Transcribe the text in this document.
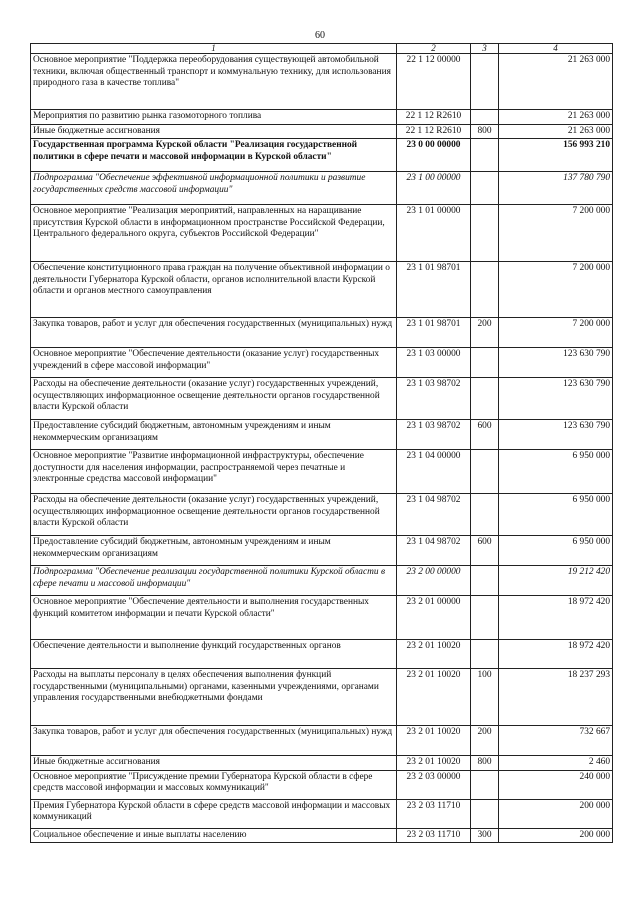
60
1	2	3	4
Основное мероприятие "Поддержка переоборудования существующей автомобильной техники, включая общественный транспорт и коммунальную технику, для использования природного газа в качестве топлива"	22 1 12 00000		21 263 000
Мероприятия по развитию рынка газомоторного топлива	22 1 12 R2610		21 263 000
Иные бюджетные ассигнования	22 1 12 R2610	800	21 263 000
Государственная программа Курской области "Реализация государственной политики в сфере печати и массовой информации в Курской области"	23 0 00 00000		156 993 210
Подпрограмма "Обеспечение эффективной информационной политики и развитие государственных средств массовой информации"	23 1 00 00000		137 780 790
Основное мероприятие "Реализация мероприятий, направленных на наращивание присутствия Курской области в информационном пространстве Российской Федерации, Центрального федерального округа, субъектов Российской Федерации"	23 1 01 00000		7 200 000
Обеспечение конституционного права граждан на получение объективной информации о деятельности Губернатора Курской области, органов исполнительной власти Курской области и органов местного самоуправления	23 1 01 98701		7 200 000
Закупка товаров, работ и услуг для обеспечения государственных (муниципальных) нужд	23 1 01 98701	200	7 200 000
Основное мероприятие "Обеспечение деятельности (оказание услуг) государственных учреждений в сфере массовой информации"	23 1 03 00000		123 630 790
Расходы на обеспечение деятельности (оказание услуг) государственных учреждений, осуществляющих информационное освещение деятельности органов государственной власти Курской области	23 1 03 98702		123 630 790
Предоставление субсидий бюджетным, автономным учреждениям и иным некоммерческим организациям	23 1 03 98702	600	123 630 790
Основное мероприятие "Развитие информационной инфраструктуры, обеспечение доступности для населения информации, распространяемой через печатные и электронные средства массовой информации"	23 1 04 00000		6 950 000
Расходы на обеспечение деятельности (оказание услуг) государственных учреждений, осуществляющих информационное освещение деятельности органов государственной власти Курской области	23 1 04 98702		6 950 000
Предоставление субсидий бюджетным, автономным учреждениям и иным некоммерческим организациям	23 1 04 98702	600	6 950 000
Подпрограмма "Обеспечение реализации государственной политики Курской области в сфере печати и массовой информации"	23 2 00 00000		19 212 420
Основное мероприятие "Обеспечение деятельности и выполнения государственных функций комитетом информации и печати Курской области"	23 2 01 00000		18 972 420
Обеспечение деятельности и выполнение функций государственных органов	23 2 01 10020		18 972 420
Расходы на выплаты персоналу в целях обеспечения выполнения функций государственными (муниципальными) органами, казенными учреждениями, органами управления государственными внебюджетными фондами	23 2 01 10020	100	18 237 293
Закупка товаров, работ и услуг для обеспечения государственных (муниципальных) нужд	23 2 01 10020	200	732 667
Иные бюджетные ассигнования	23 2 01 10020	800	2 460
Основное мероприятие "Присуждение премии Губернатора Курской области в сфере средств массовой информации и массовых коммуникаций"	23 2 03 00000		240 000
Премия Губернатора Курской области в сфере средств массовой информации и массовых коммуникаций	23 2 03 11710		200 000
Социальное обеспечение и иные выплаты населению	23 2 03 11710	300	200 000
